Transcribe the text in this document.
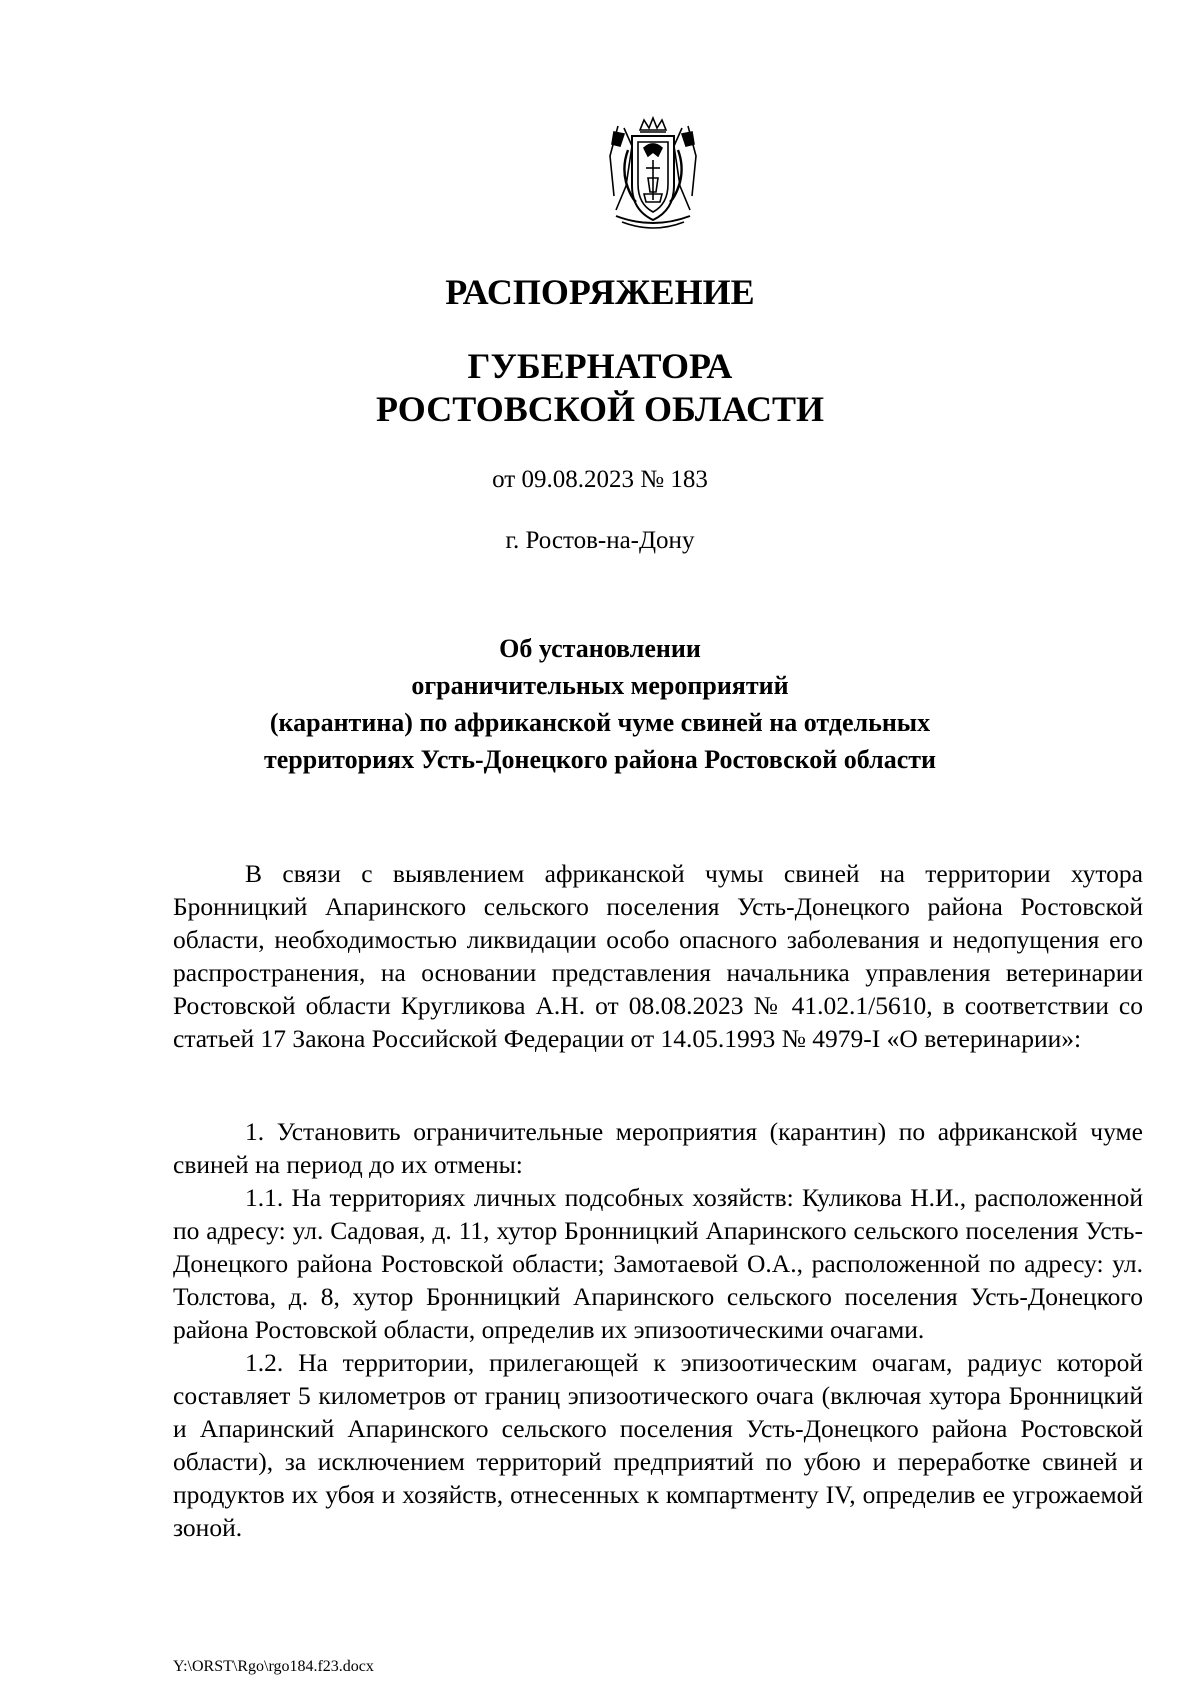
РАСПОРЯЖЕНИЕ
ГУБЕРНАТОРА
РОСТОВСКОЙ ОБЛАСТИ
от 09.08.2023 № 183
г. Ростов-на-Дону
Об установлении
ограничительных мероприятий
(карантина) по африканской чуме свиней на отдельных
территориях Усть-Донецкого района Ростовской области

В связи с выявлением африканской чумы свиней на территории хутора Бронницкий Апаринского сельского поселения Усть-Донецкого района Ростовской области, необходимостью ликвидации особо опасного заболевания и недопущения его распространения, на основании представления начальника управления ветеринарии Ростовской области Кругликова А.Н. от 08.08.2023 № 41.02.1/5610, в соответствии со статьей 17 Закона Российской Федерации от 14.05.1993 № 4979-I «О ветеринарии»:

1. Установить ограничительные мероприятия (карантин) по африканской чуме свиней на период до их отмены:

1.1. На территориях личных подсобных хозяйств: Куликова Н.И., расположенной по адресу: ул. Садовая, д. 11, хутор Бронницкий Апаринского сельского поселения Усть-Донецкого района Ростовской области; Замотаевой О.А., расположенной по адресу: ул. Толстова, д. 8, хутор Бронницкий Апаринского сельского поселения Усть-Донецкого района Ростовской области, определив их эпизоотическими очагами.

1.2. На территории, прилегающей к эпизоотическим очагам, радиус которой составляет 5 километров от границ эпизоотического очага (включая хутора Бронницкий и Апаринский Апаринского сельского поселения Усть-Донецкого района Ростовской области), за исключением территорий предприятий по убою и переработке свиней и продуктов их убоя и хозяйств, отнесенных к компартменту IV, определив ее угрожаемой зоной.

Y:\ORST\Rgo\rgo184.f23.docx
